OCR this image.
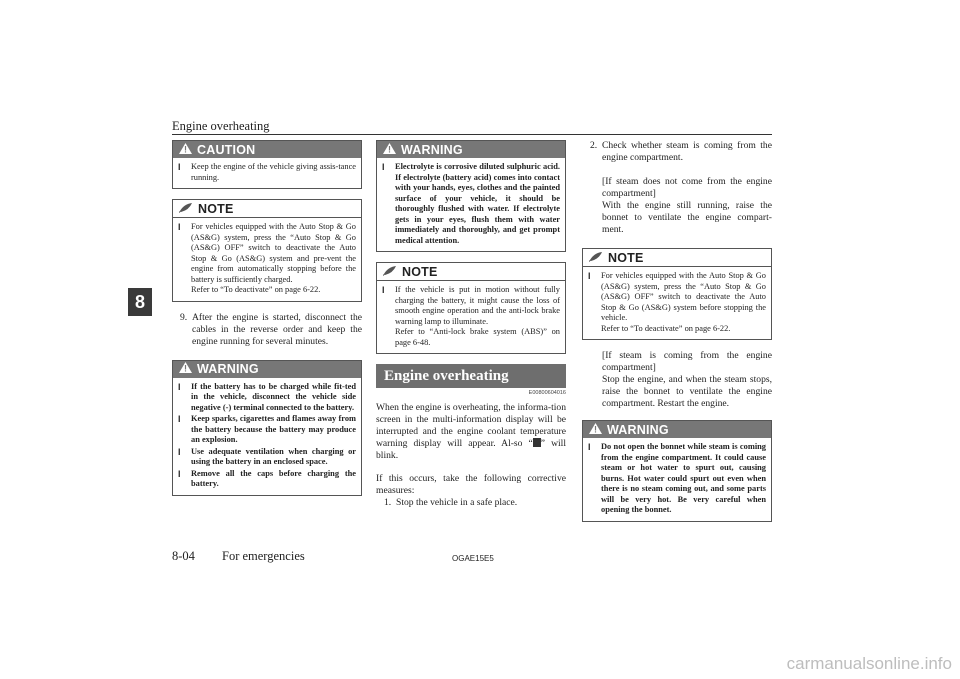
Engine overheating
8
CAUTION
l Keep the engine of the vehicle giving assis-tance running.
NOTE
l For vehicles equipped with the Auto Stop & Go (AS&G) system, press the “Auto Stop & Go (AS&G) OFF” switch to deactivate the Auto Stop & Go (AS&G) system and pre-vent the engine from automatically stopping before the battery is sufficiently charged.
Refer to “To deactivate” on page 6-22.
9. After the engine is started, disconnect the cables in the reverse order and keep the engine running for several minutes.
WARNING
l If the battery has to be charged while fit-ted in the vehicle, disconnect the vehicle side negative (-) terminal connected to the battery.
l Keep sparks, cigarettes and flames away from the battery because the battery may produce an explosion.
l Use adequate ventilation when charging or using the battery in an enclosed space.
l Remove all the caps before charging the battery.
WARNING
l Electrolyte is corrosive diluted sulphuric acid. If electrolyte (battery acid) comes into contact with your hands, eyes, clothes and the painted surface of your vehicle, it should be thoroughly flushed with water. If electrolyte gets in your eyes, flush them with water immediately and thoroughly, and get prompt medical attention.
NOTE
l If the vehicle is put in motion without fully charging the battery, it might cause the loss of smooth engine operation and the anti-lock brake warning lamp to illuminate.
Refer to “Anti-lock brake system (ABS)” on page 6-48.
Engine overheating
E00800604016

When the engine is overheating, the informa-tion screen in the multi-information display will be interrupted and the engine coolant temperature warning display will appear. Al-so “ ” will blink.

If this occurs, take the following corrective measures:

1. Stop the vehicle in a safe place.
2. Check whether steam is coming from the engine compartment.

[If steam does not come from the engine compartment]

With the engine still running, raise the bonnet to ventilate the engine compart-ment.

NOTE
l For vehicles equipped with the Auto Stop & Go (AS&G) system, press the “Auto Stop & Go (AS&G) OFF” switch to deactivate the Auto Stop & Go (AS&G) system before stopping the vehicle.
Refer to “To deactivate” on page 6-22.

[If steam is coming from the engine compartment]

Stop the engine, and when the steam stops, raise the bonnet to ventilate the engine compartment. Restart the engine.

WARNING
l Do not open the bonnet while steam is coming from the engine compartment. It could cause steam or hot water to spurt out, causing burns. Hot water could spurt out even when there is no steam coming out, and some parts will be very hot. Be very careful when opening the bonnet.
8-04 For emergencies	OGAE15E5
carmanualsonline.info
